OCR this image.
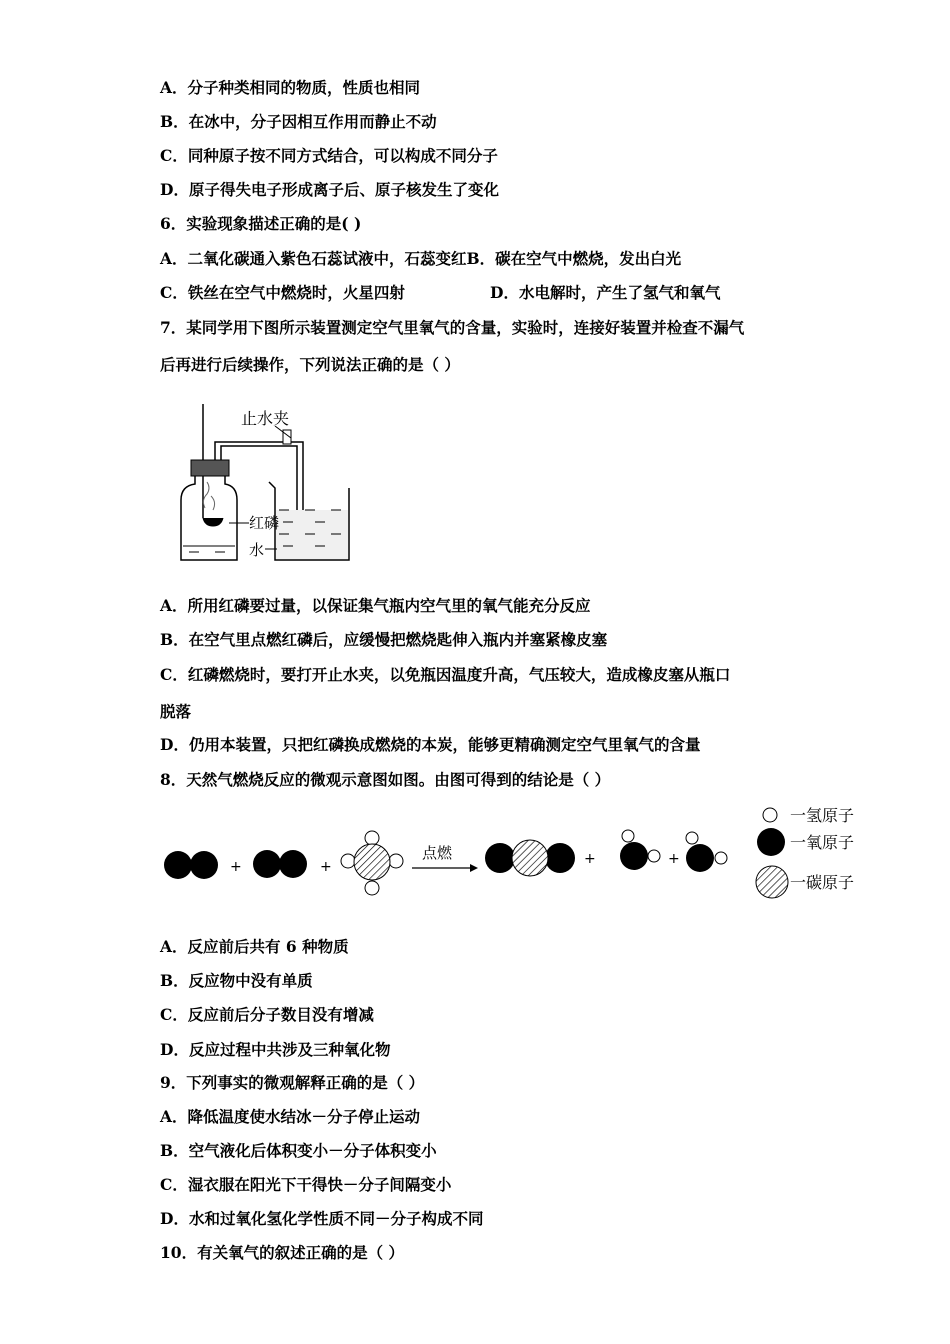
A．分子种类相同的物质，性质也相同
B．在冰中，分子因相互作用而静止不动
C．同种原子按不同方式结合，可以构成不同分子
D．原子得失电子形成离子后、原子核发生了变化
6．实验现象描述正确的是( )
A．二氧化碳通入紫色石蕊试液中，石蕊变红B．碳在空气中燃烧，发出白光
C．铁丝在空气中燃烧时，火星四射	D．水电解时，产生了氢气和氧气
7．某同学用下图所示装置测定空气里氧气的含量，实验时，连接好装置并检查不漏气
后再进行后续操作，下列说法正确的是（ ）
止水夹
红磷
水
A．所用红磷要过量，以保证集气瓶内空气里的氧气能充分反应
B．在空气里点燃红磷后，应缓慢把燃烧匙伸入瓶内并塞紧橡皮塞
C．红磷燃烧时，要打开止水夹，以免瓶因温度升高，气压较大，造成橡皮塞从瓶口
脱落
D．仍用本装置，只把红磷换成燃烧的本炭，能够更精确测定空气里氧气的含量
8．天然气燃烧反应的微观示意图如图。由图可得到的结论是（ ）
+	+
点燃	+	+
一氢原子
一氧原子
一碳原子
A．反应前后共有 6 种物质
B．反应物中没有单质
C．反应前后分子数目没有增减
D．反应过程中共涉及三种氧化物
9．下列事实的微观解释正确的是（ ）
A．降低温度使水结冰－分子停止运动
B．空气液化后体积变小－分子体积变小
C．湿衣服在阳光下干得快－分子间隔变小
D．水和过氧化氢化学性质不同－分子构成不同
10．有关氧气的叙述正确的是（ ）
